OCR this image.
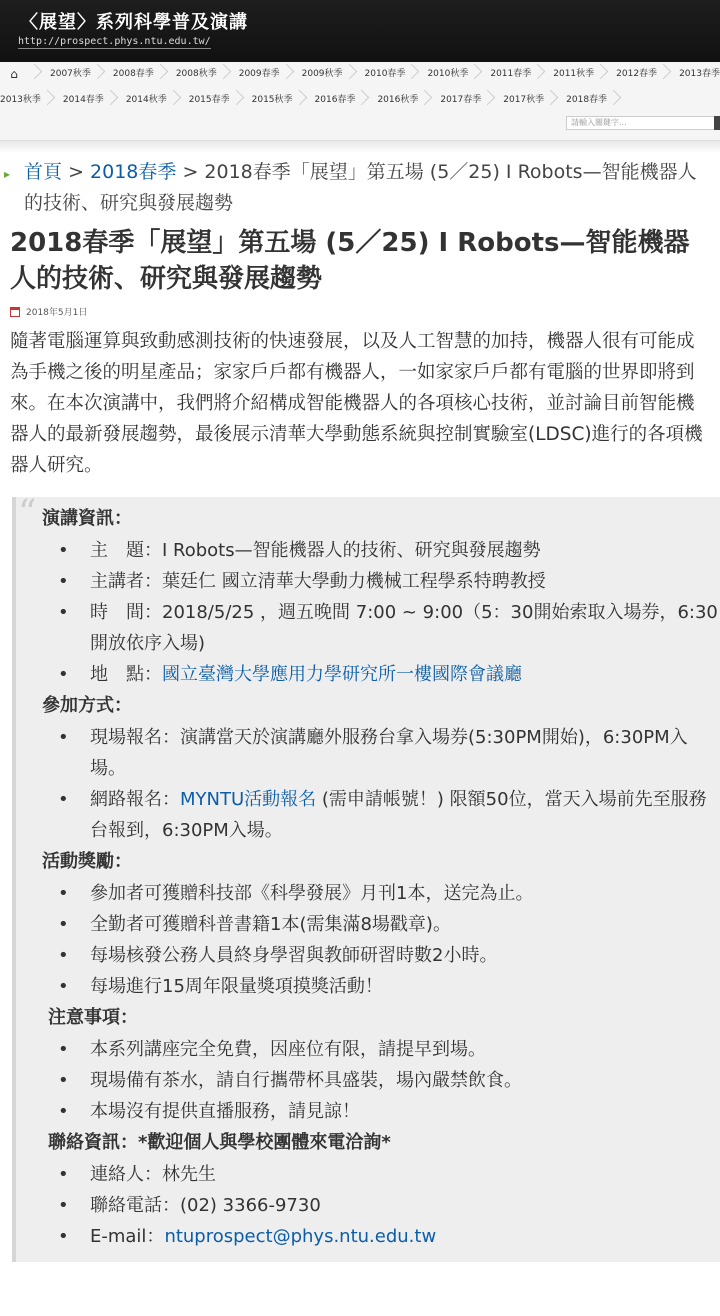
〈展望〉系列科學普及演講
http://prospect.phys.ntu.edu.tw/
⌂	2007秋季	2008春季	2008秋季	2009春季	2009秋季	2010春季	2010秋季	2011春季	2011秋季	2012春季	2013春季
2013秋季	2014春季	2014秋季	2015春季	2015秋季	2016春季	2016秋季	2017春季	2017秋季	2018春季
請輸入關鍵字...
▸ 首頁 > 2018春季 > 2018春季「展望」第五場 (5／25) I Robots—智能機器人的技術、研究與發展趨勢
2018春季「展望」第五場 (5／25) I Robots—智能機器人的技術、研究與發展趨勢
2018年5月1日
隨著電腦運算與致動感測技術的快速發展，以及人工智慧的加持，機器人很有可能成為手機之後的明星產品；家家戶戶都有機器人，一如家家戶戶都有電腦的世界即將到來。在本次演講中，我們將介紹構成智能機器人的各項核心技術，並討論目前智能機器人的最新發展趨勢，最後展示清華大學動態系統與控制實驗室(LDSC)進行的各項機器人研究。
“ 演講資訊：
• 主　題：I Robots—智能機器人的技術、研究與發展趨勢
• 主講者：葉廷仁 國立清華大學動力機械工程學系特聘教授
• 時　間：2018/5/25 ，週五晚間 7:00 ~ 9:00（5：30開始索取入場券，6:30 開放依序入場)
• 地　點：國立臺灣大學應用力學研究所一樓國際會議廳
參加方式：
• 現場報名：演講當天於演講廳外服務台拿入場券(5:30PM開始)，6:30PM入場。
• 網路報名：MYNTU活動報名 (需申請帳號！) 限額50位，當天入場前先至服務台報到，6:30PM入場。
活動獎勵：
• 參加者可獲贈科技部《科學發展》月刊1本，送完為止。
• 全勤者可獲贈科普書籍1本(需集滿8場戳章)。
• 每場核發公務人員終身學習與教師研習時數2小時。
• 每場進行15周年限量獎項摸獎活動！
注意事項：
• 本系列講座完全免費，因座位有限，請提早到場。
• 現場備有茶水，請自行攜帶杯具盛裝，場內嚴禁飲食。
• 本場沒有提供直播服務，請見諒！
聯絡資訊：*歡迎個人與學校團體來電洽詢*
• 連絡人：林先生
• 聯絡電話：(02) 3366-9730
• E-mail：ntuprospect@phys.ntu.edu.tw
